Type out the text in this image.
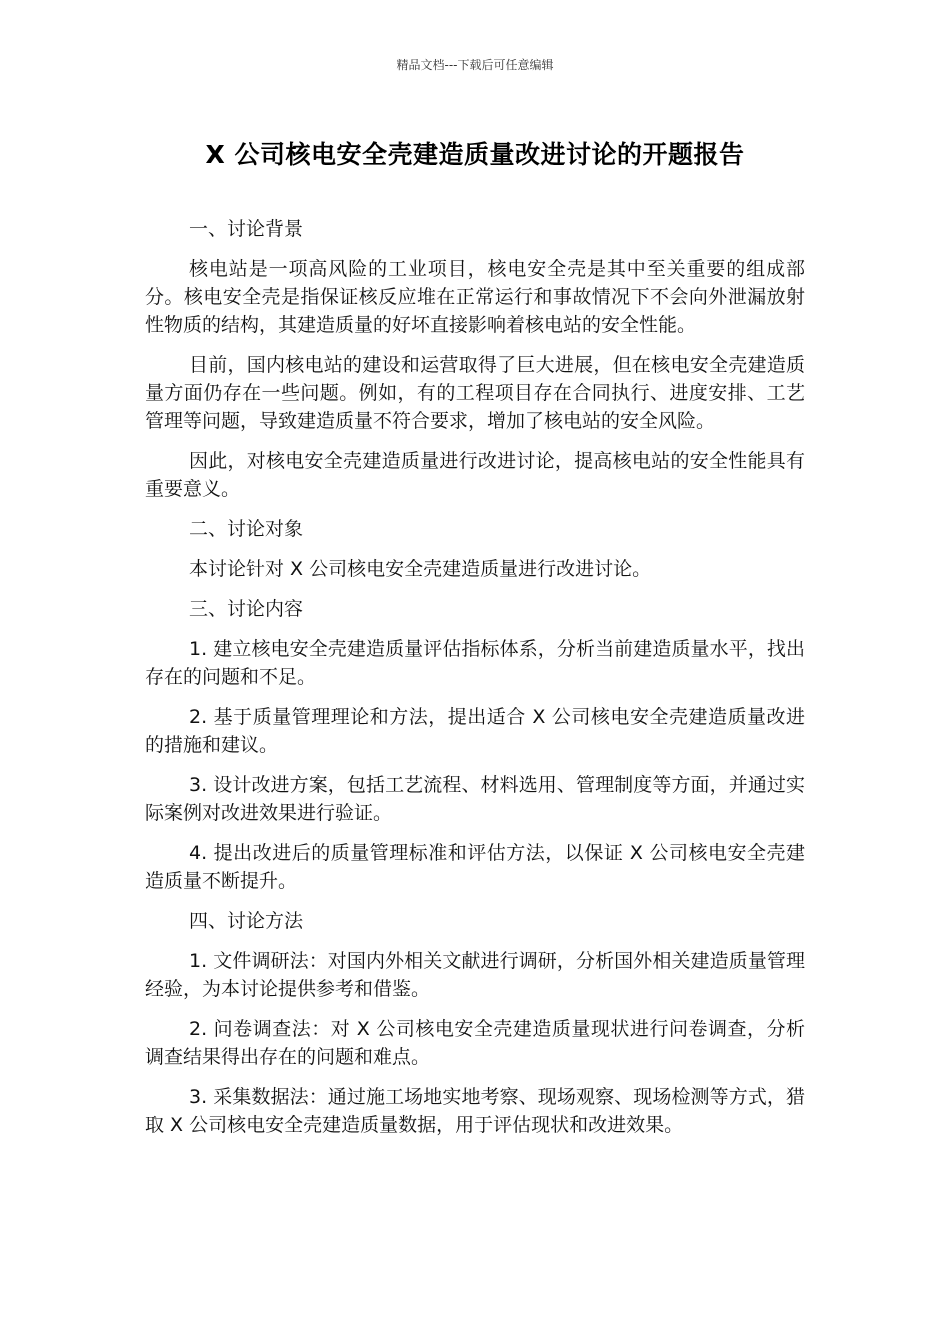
精品文档---下载后可任意编辑
X 公司核电安全壳建造质量改进讨论的开题报告

一、讨论背景

核电站是一项高风险的工业项目，核电安全壳是其中至关重要的组成部分。核电安全壳是指保证核反应堆在正常运行和事故情况下不会向外泄漏放射性物质的结构，其建造质量的好坏直接影响着核电站的安全性能。

目前，国内核电站的建设和运营取得了巨大进展，但在核电安全壳建造质量方面仍存在一些问题。例如，有的工程项目存在合同执行、进度安排、工艺管理等问题，导致建造质量不符合要求，增加了核电站的安全风险。

因此，对核电安全壳建造质量进行改进讨论，提高核电站的安全性能具有重要意义。

二、讨论对象

本讨论针对 X 公司核电安全壳建造质量进行改进讨论。

三、讨论内容

1. 建立核电安全壳建造质量评估指标体系，分析当前建造质量水平，找出存在的问题和不足。

2. 基于质量管理理论和方法，提出适合 X 公司核电安全壳建造质量改进的措施和建议。

3. 设计改进方案，包括工艺流程、材料选用、管理制度等方面，并通过实际案例对改进效果进行验证。

4. 提出改进后的质量管理标准和评估方法，以保证 X 公司核电安全壳建造质量不断提升。

四、讨论方法

1. 文件调研法：对国内外相关文献进行调研，分析国外相关建造质量管理经验，为本讨论提供参考和借鉴。

2. 问卷调查法：对 X 公司核电安全壳建造质量现状进行问卷调查，分析调查结果得出存在的问题和难点。

3. 采集数据法：通过施工场地实地考察、现场观察、现场检测等方式，猎取 X 公司核电安全壳建造质量数据，用于评估现状和改进效果。
